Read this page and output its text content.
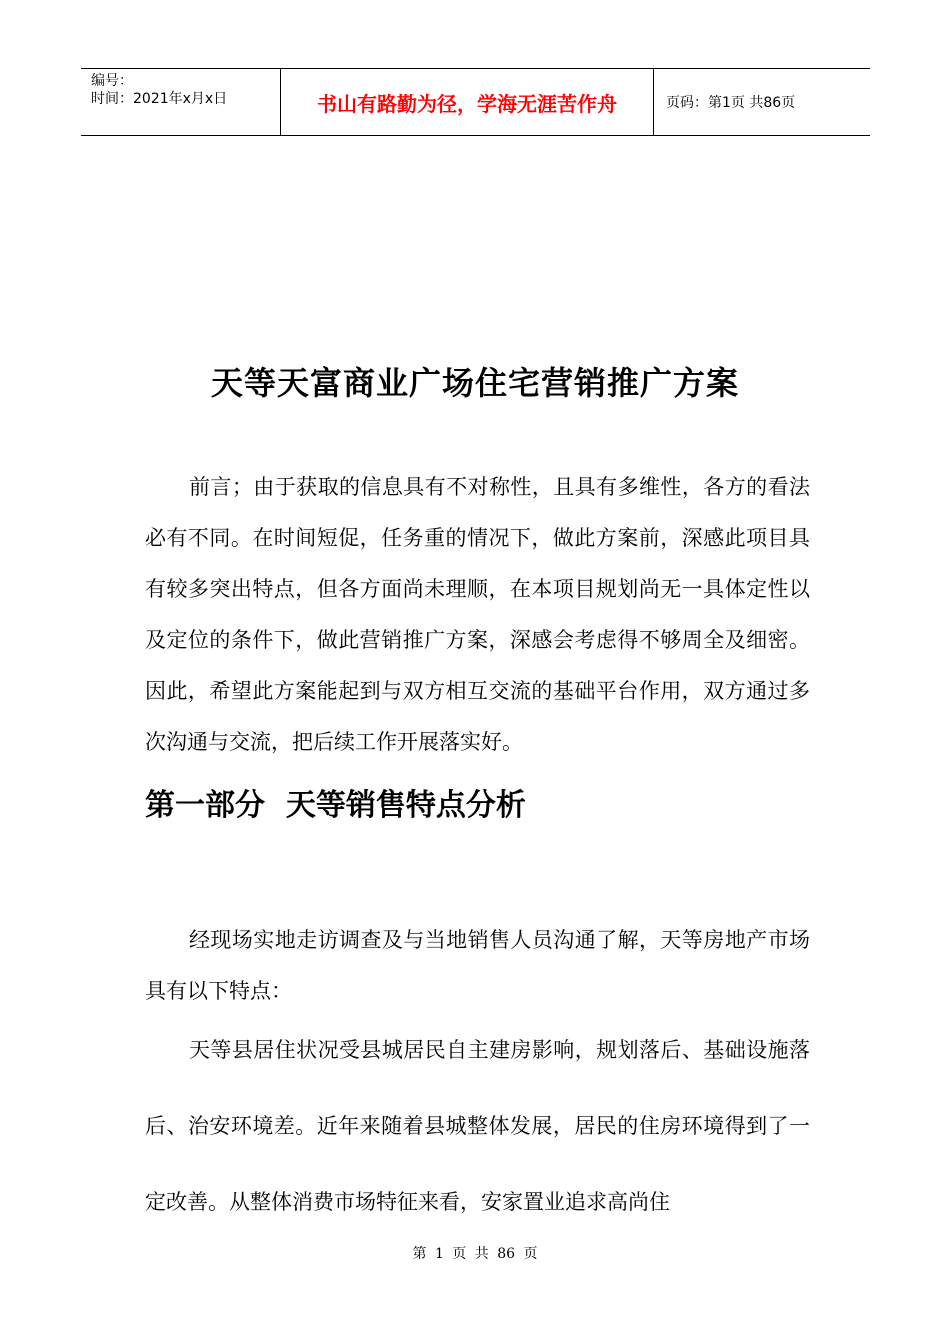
编号：
时间：2021年x月x日	书山有路勤为径，学海无涯苦作舟	页码：第1页 共86页
天等天富商业广场住宅营销推广方案

前言；由于获取的信息具有不对称性，且具有多维性，各方的看法必有不同。在时间短促，任务重的情况下，做此方案前，深感此项目具有较多突出特点，但各方面尚未理顺，在本项目规划尚无一具体定性以及定位的条件下，做此营销推广方案，深感会考虑得不够周全及细密。因此，希望此方案能起到与双方相互交流的基础平台作用，双方通过多次沟通与交流，把后续工作开展落实好。

第一部分  天等销售特点分析

经现场实地走访调查及与当地销售人员沟通了解，天等房地产市场具有以下特点：

天等县居住状况受县城居民自主建房影响，规划落后、基础设施落后、治安环境差。近年来随着县城整体发展，居民的住房环境得到了一定改善。从整体消费市场特征来看，安家置业追求高尚住

第 1 页 共 86 页
